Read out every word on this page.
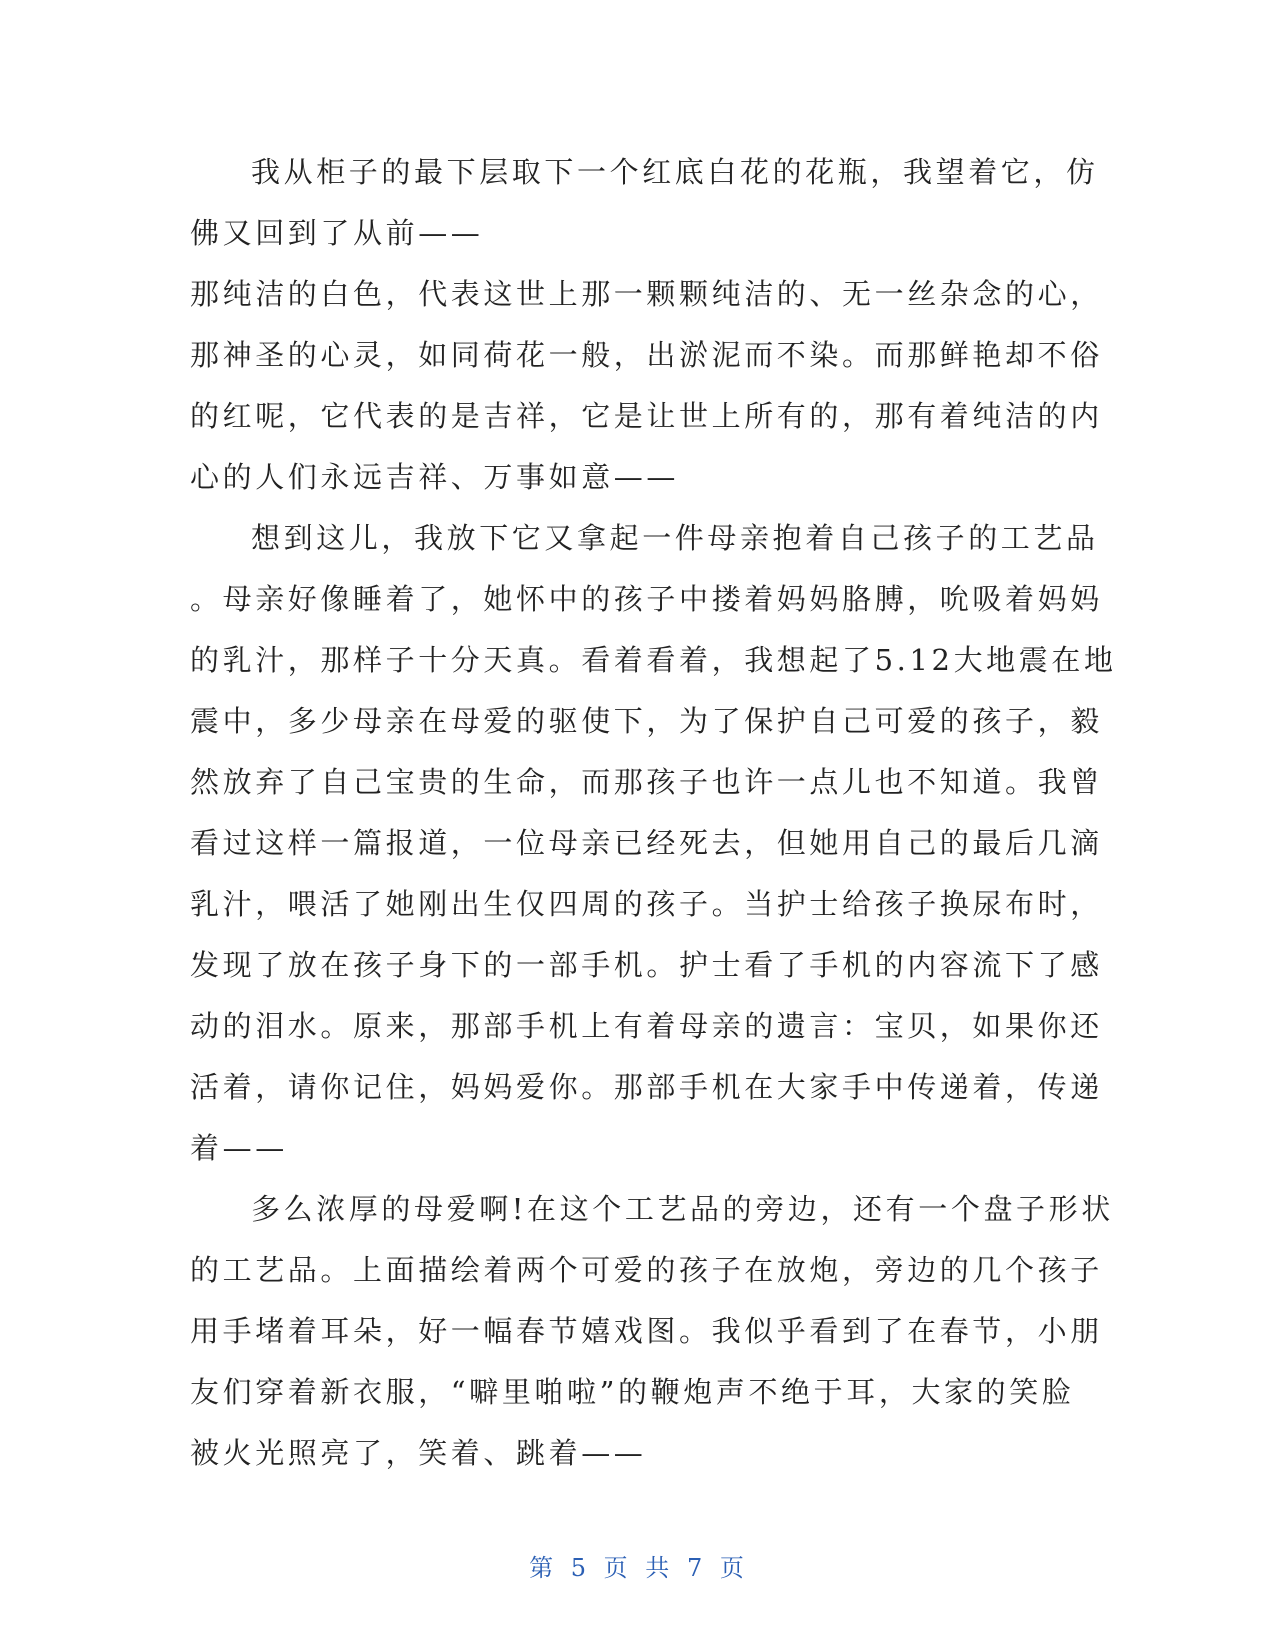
我从柜子的最下层取下一个红底白花的花瓶，我望着它，仿
佛又回到了从前——
那纯洁的白色，代表这世上那一颗颗纯洁的、无一丝杂念的心，
那神圣的心灵，如同荷花一般，出淤泥而不染。而那鲜艳却不俗
的红呢，它代表的是吉祥，它是让世上所有的，那有着纯洁的内
心的人们永远吉祥、万事如意——
想到这儿，我放下它又拿起一件母亲抱着自己孩子的工艺品
。母亲好像睡着了，她怀中的孩子中搂着妈妈胳膊，吮吸着妈妈
的乳汁，那样子十分天真。看着看着，我想起了5.12大地震在地
震中，多少母亲在母爱的驱使下，为了保护自己可爱的孩子，毅
然放弃了自己宝贵的生命，而那孩子也许一点儿也不知道。我曾
看过这样一篇报道，一位母亲已经死去，但她用自己的最后几滴
乳汁，喂活了她刚出生仅四周的孩子。当护士给孩子换尿布时，
发现了放在孩子身下的一部手机。护士看了手机的内容流下了感
动的泪水。原来，那部手机上有着母亲的遗言：宝贝，如果你还
活着，请你记住，妈妈爱你。那部手机在大家手中传递着，传递
着——
多么浓厚的母爱啊!在这个工艺品的旁边，还有一个盘子形状
的工艺品。上面描绘着两个可爱的孩子在放炮，旁边的几个孩子
用手堵着耳朵，好一幅春节嬉戏图。我似乎看到了在春节，小朋
友们穿着新衣服，“噼里啪啦”的鞭炮声不绝于耳，大家的笑脸
被火光照亮了，笑着、跳着——
第 5 页 共 7 页
